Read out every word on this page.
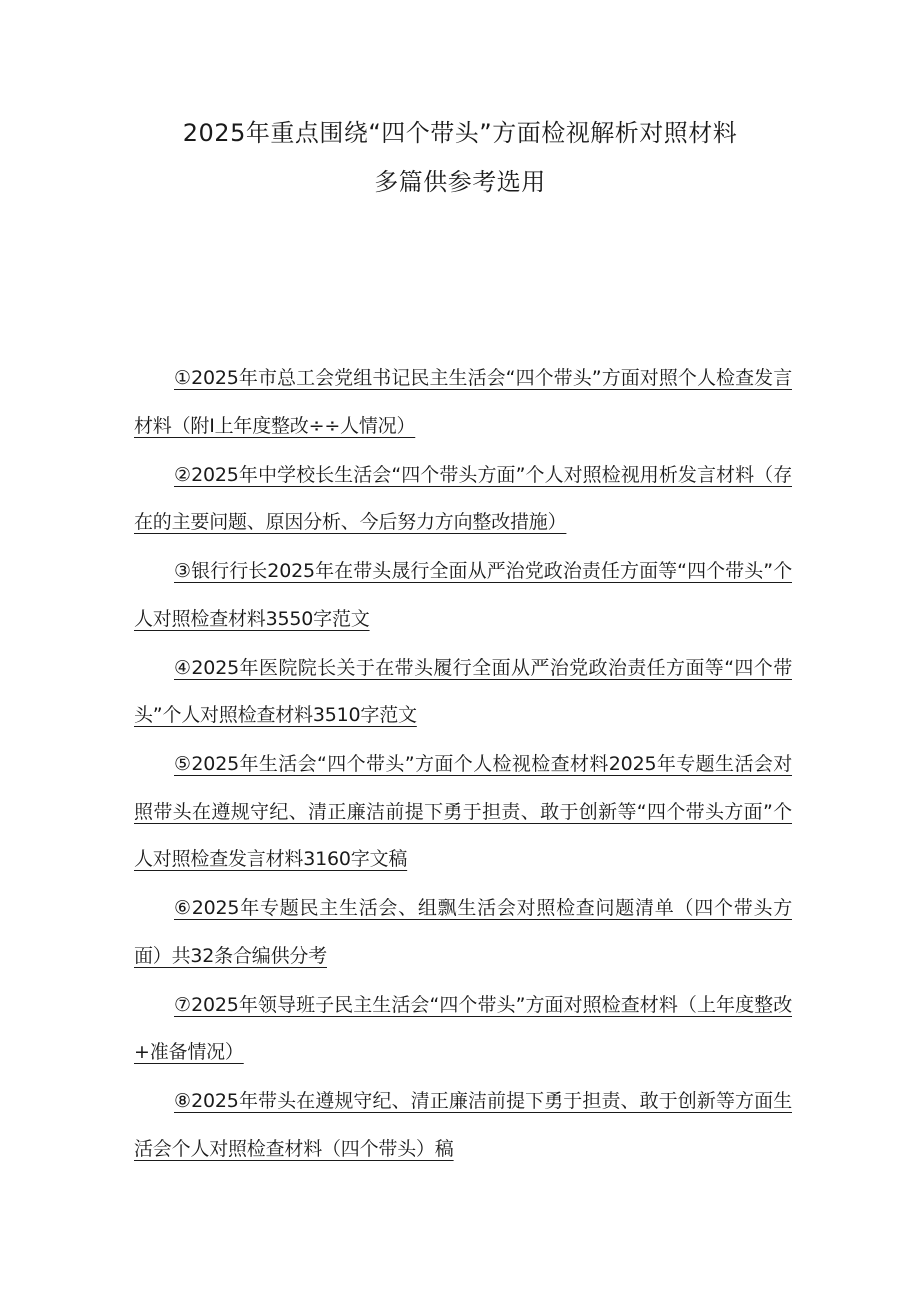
2025年重点围绕“四个带头”方面检视解析对照材料
多篇供参考选用
①2025年市总工会党组书记民主生活会“四个带头”方面对照个人检查发言材料（附I上年度整改÷÷人情况）
②2025年中学校长生活会“四个带头方面”个人对照检视用析发言材料（存在的主要问题、原因分析、今后努力方向整改措施）
③银行行长2025年在带头晟行全面从严治党政治责任方面等“四个带头”个人对照检查材料3550字范文
④2025年医院院长关于在带头履行全面从严治党政治责任方面等“四个带头”个人对照检查材料3510字范文
⑤2025年生活会“四个带头”方面个人检视检查材料2025年专题生活会对照带头在遵规守纪、清正廉洁前提下勇于担责、敢于创新等“四个带头方面”个人对照检查发言材料3160字文稿
⑥2025年专题民主生活会、组飘生活会对照检查问题清单（四个带头方面）共32条合编供分考
⑦2025年领导班子民主生活会“四个带头”方面对照检查材料（上年度整改+准备情况）
⑧2025年带头在遵规守纪、清正廉洁前提下勇于担责、敢于创新等方面生活会个人对照检查材料（四个带头）稿
